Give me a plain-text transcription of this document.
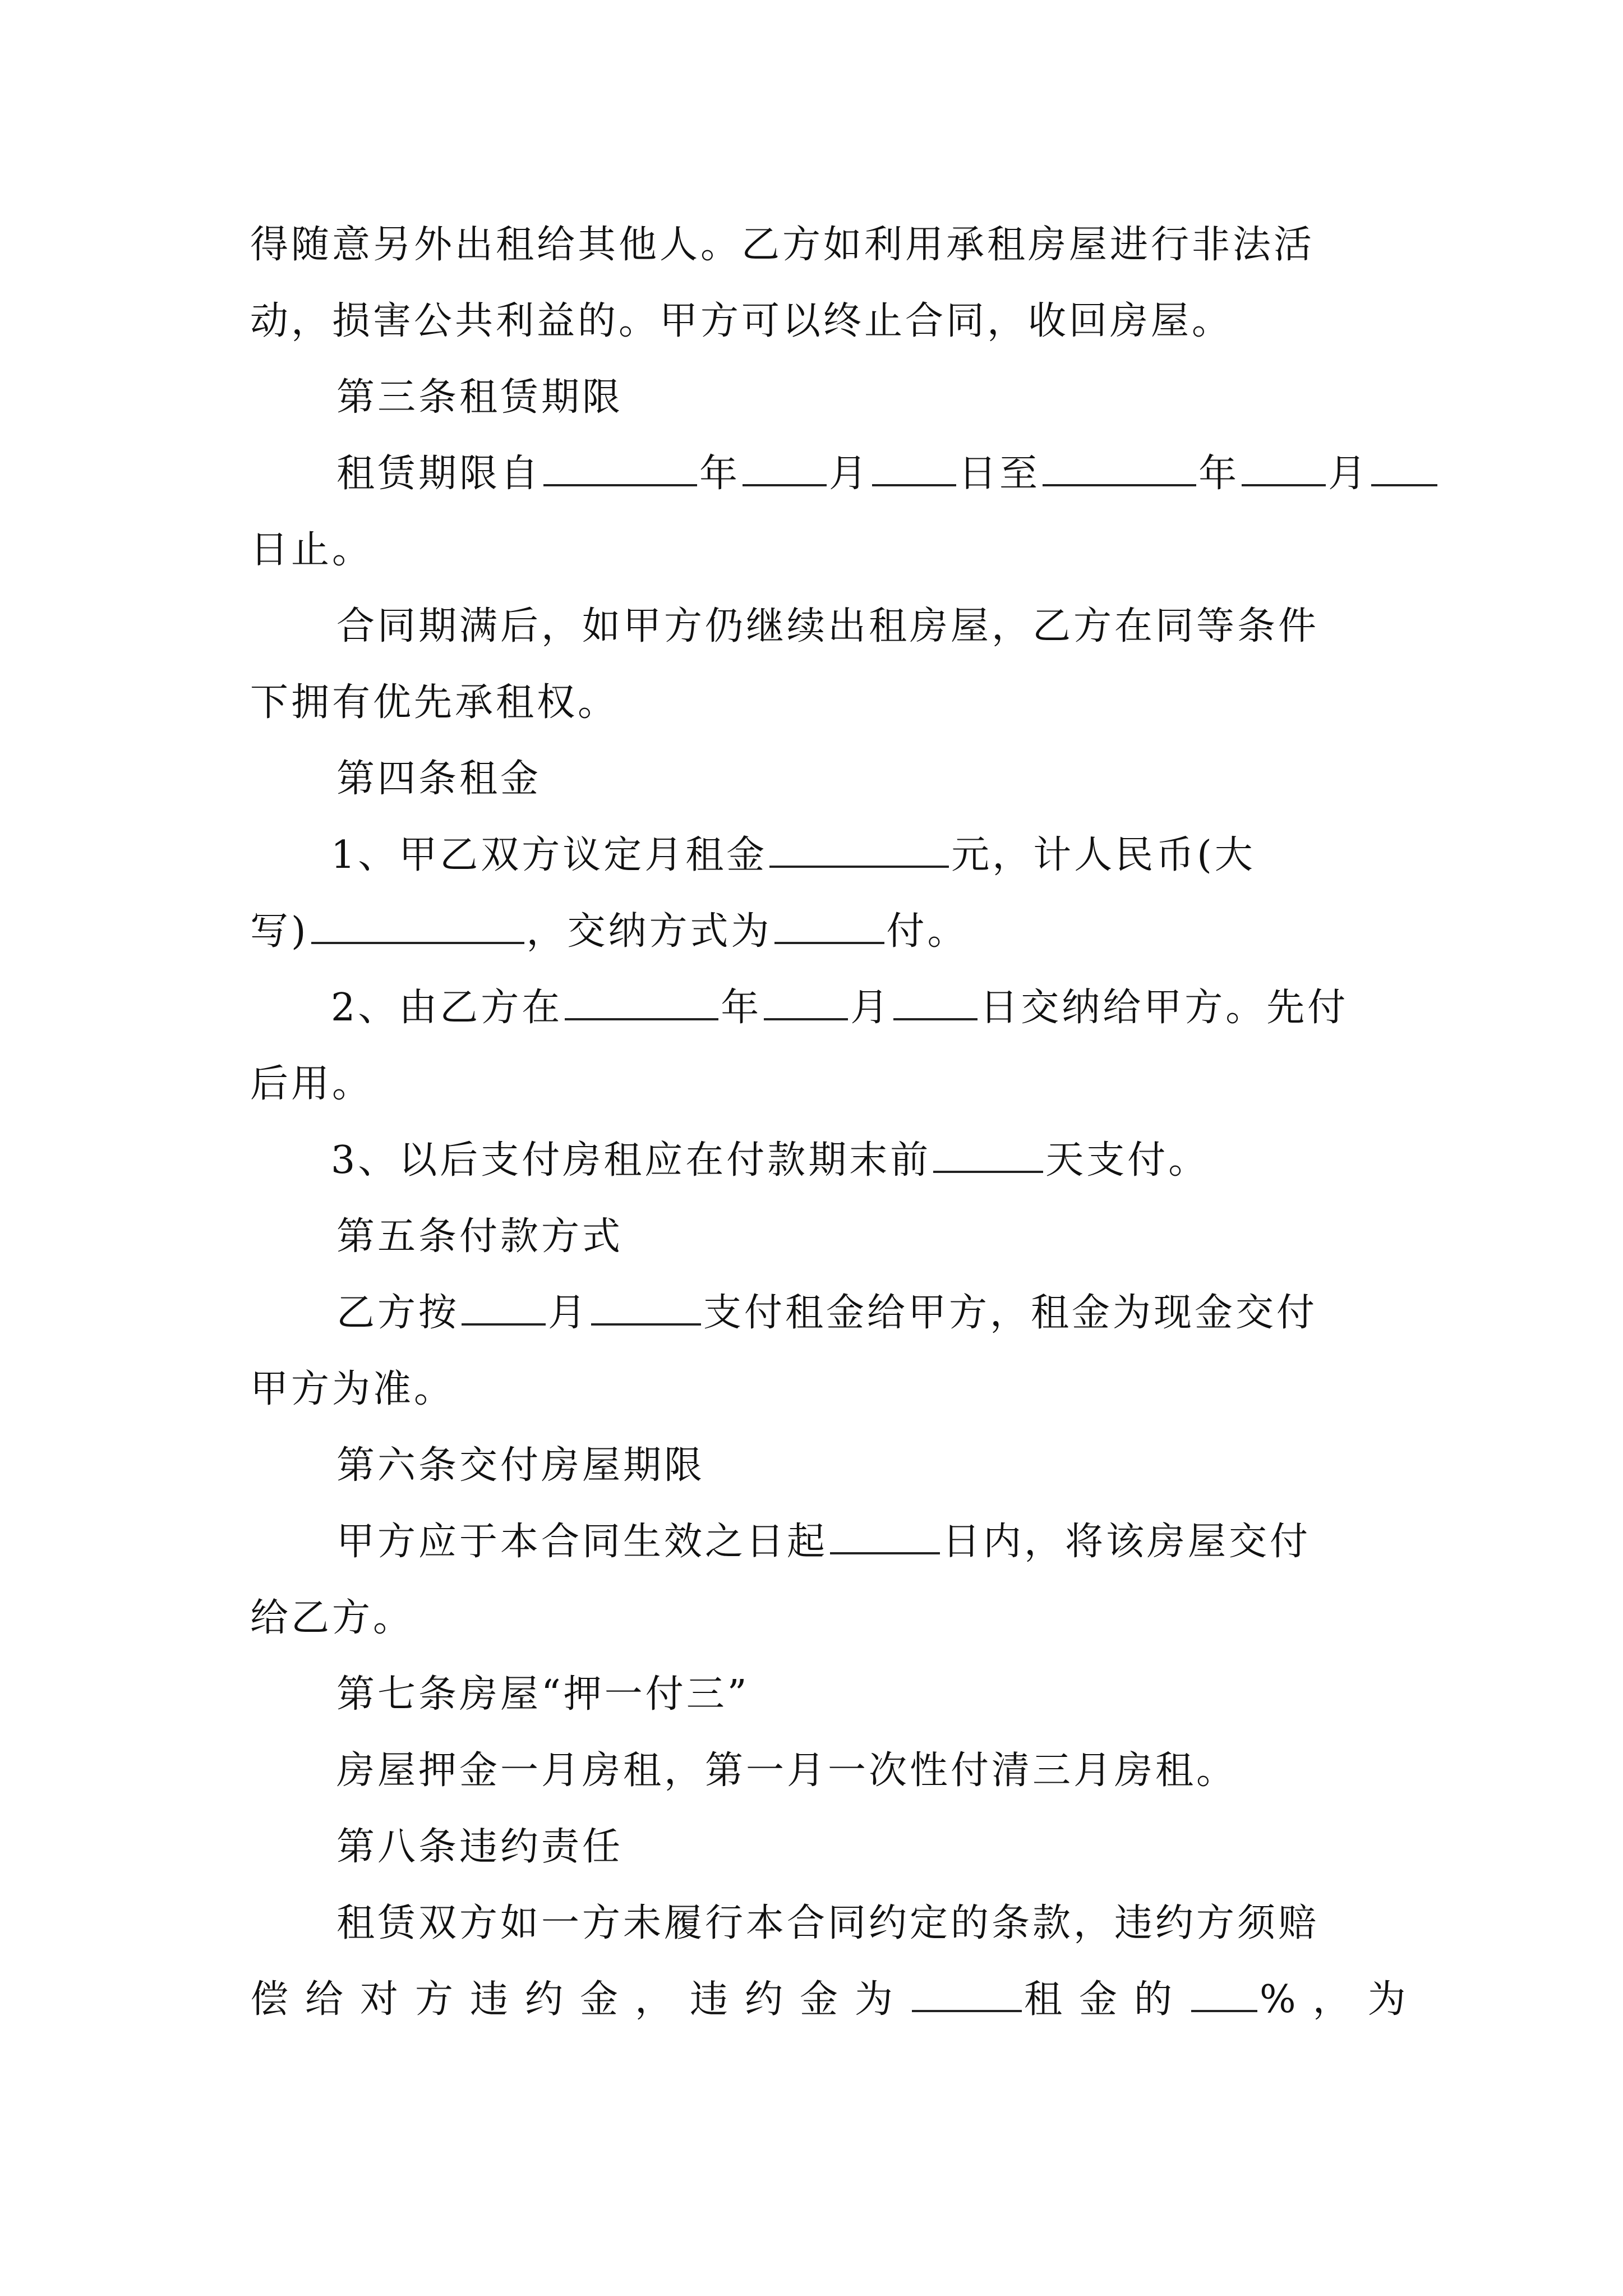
得随意另外出租给其他人。乙方如利用承租房屋进行非法活
动，损害公共利益的。甲方可以终止合同，收回房屋。
第三条租赁期限
租赁期限自	年 月 日至	年 月
日止。
合同期满后，如甲方仍继续出租房屋，乙方在同等条件
下拥有优先承租权。
第四条租金
1、甲乙双方议定月租金	元，计人民币(大
写)	，交纳方式为	付。
2、由乙方在	年 月 日交纳给甲方。先付
后用。
3、以后支付房租应在付款期末前	天支付。
第五条付款方式
乙方按 月	支付租金给甲方，租金为现金交付
甲方为准。
第六条交付房屋期限
甲方应于本合同生效之日起	日内，将该房屋交付
给乙方。
第七条房屋“押一付三”
房屋押金一月房租，第一月一次性付清三月房租。
第八条违约责任
租赁双方如一方未履行本合同约定的条款，违约方须赔
偿给对方违约金，违约金为	租金的 %，为
